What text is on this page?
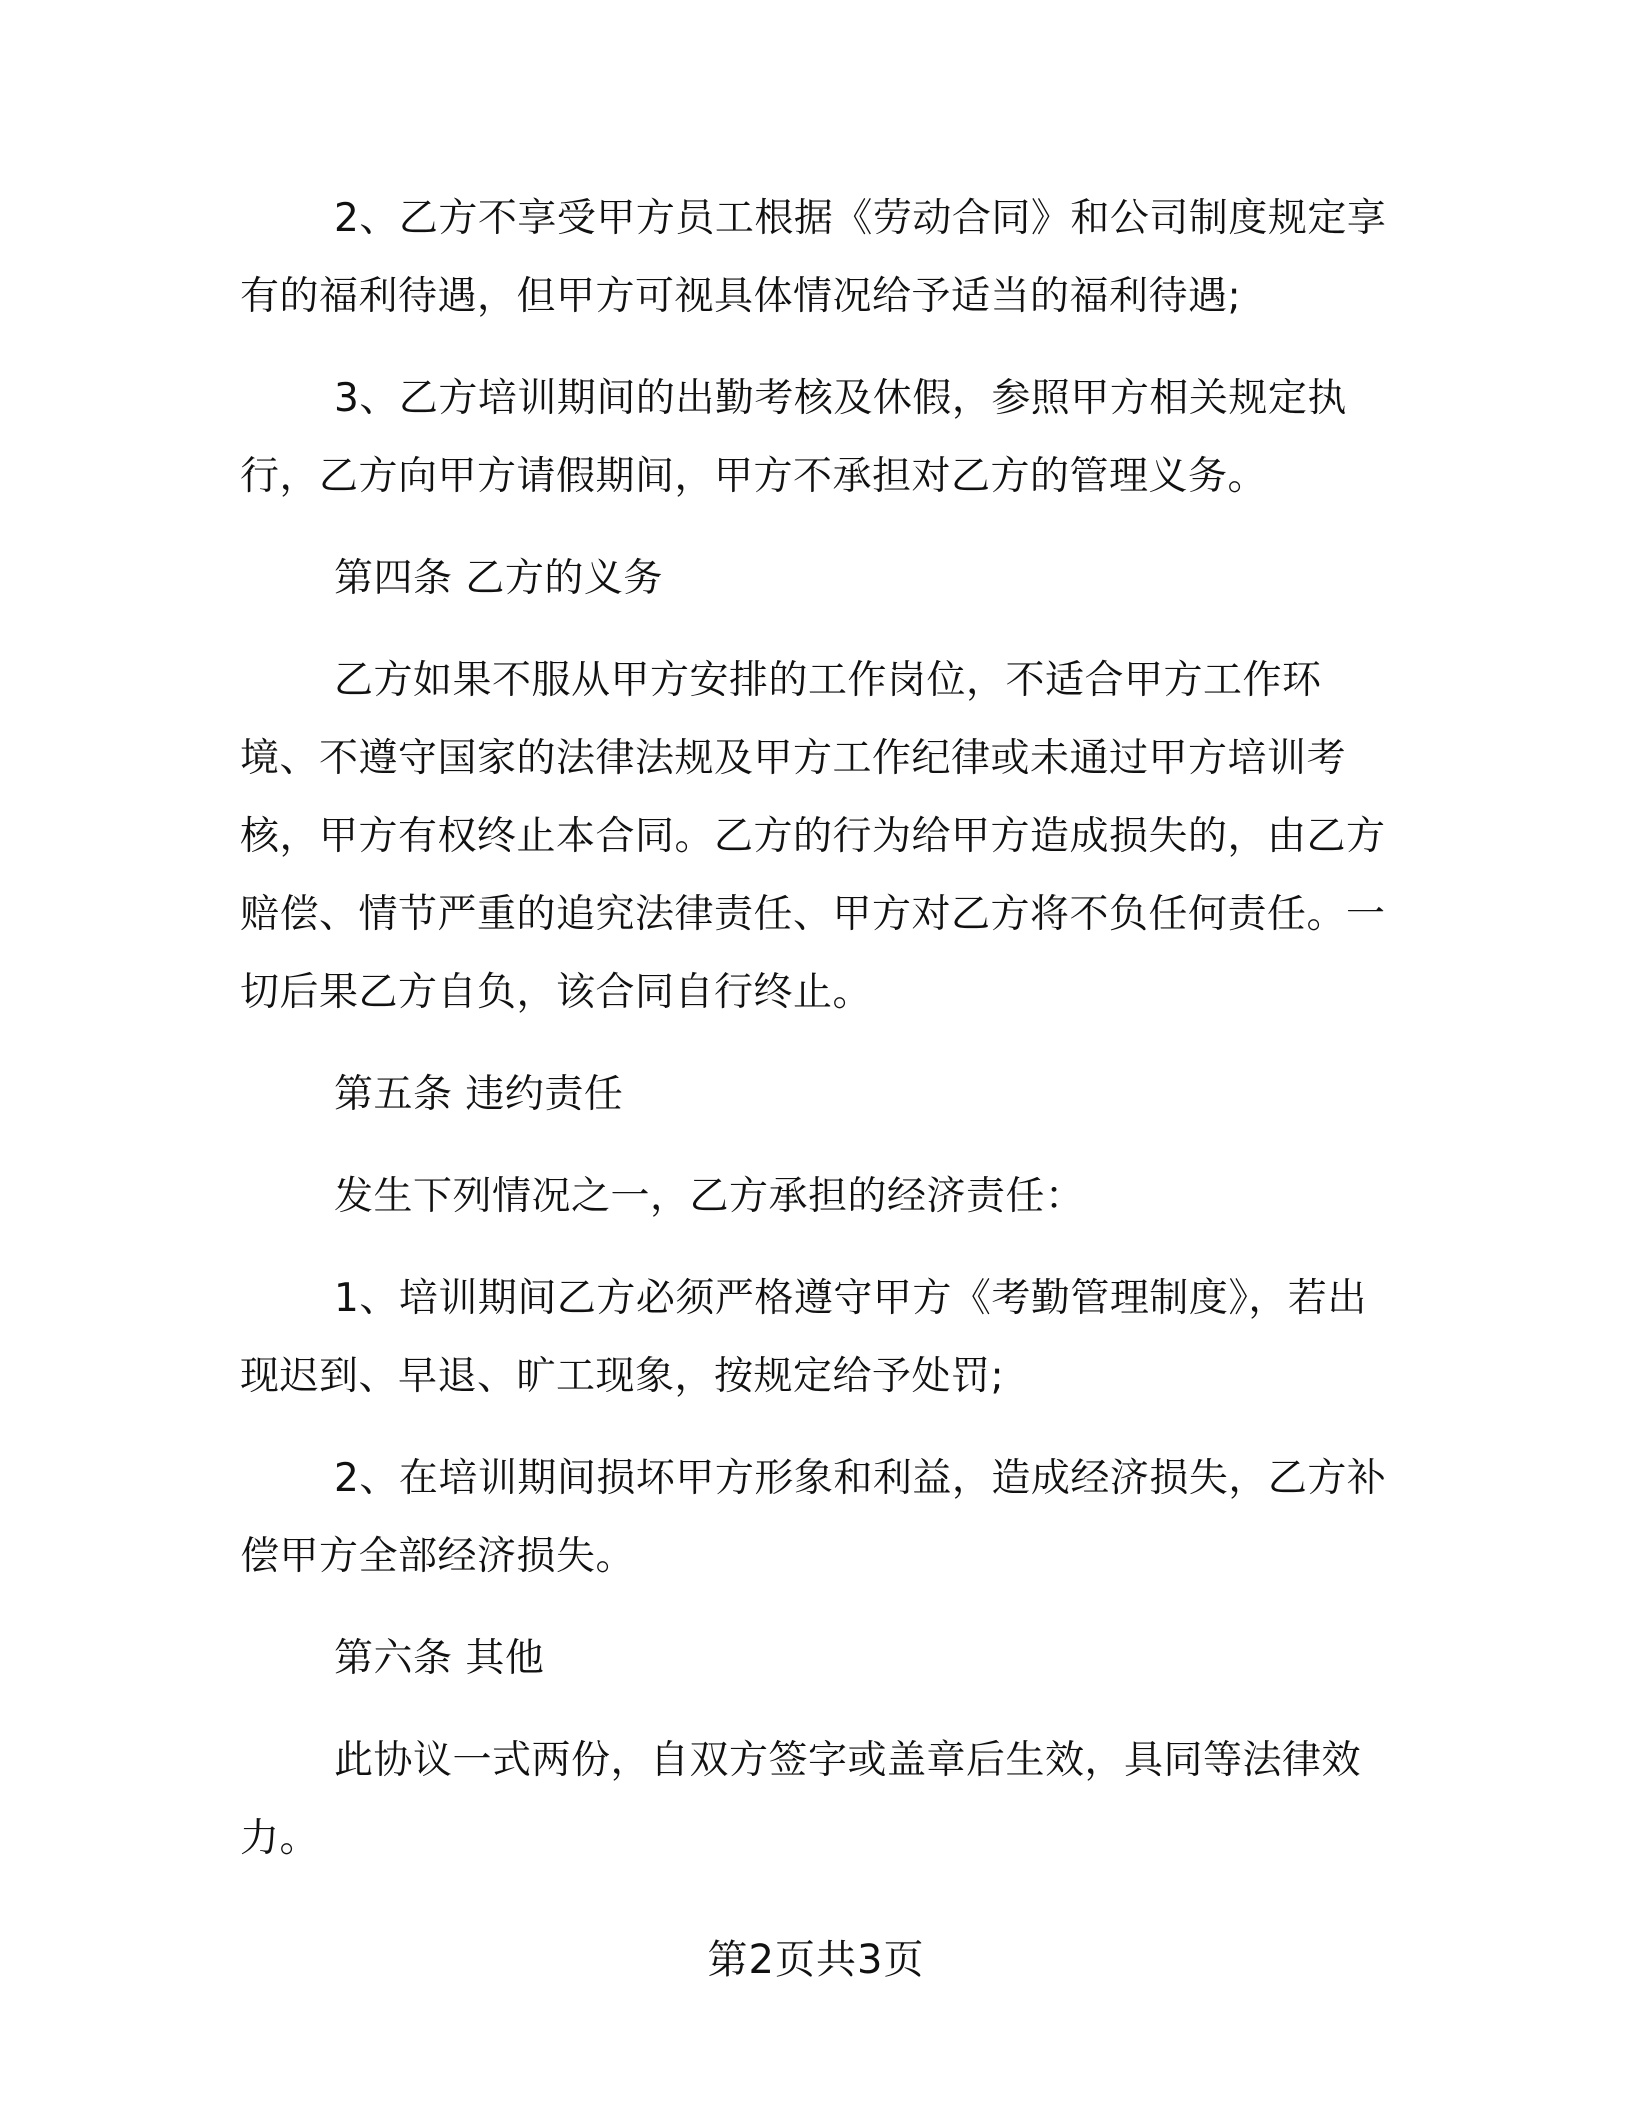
2、乙方不享受甲方员工根据《劳动合同》和公司制度规定享有的福利待遇，但甲方可视具体情况给予适当的福利待遇;

3、乙方培训期间的出勤考核及休假，参照甲方相关规定执行，乙方向甲方请假期间，甲方不承担对乙方的管理义务。

第四条 乙方的义务

乙方如果不服从甲方安排的工作岗位，不适合甲方工作环境、不遵守国家的法律法规及甲方工作纪律或未通过甲方培训考核，甲方有权终止本合同。乙方的行为给甲方造成损失的，由乙方赔偿、情节严重的追究法律责任、甲方对乙方将不负任何责任。一切后果乙方自负，该合同自行终止。

第五条 违约责任

发生下列情况之一，乙方承担的经济责任：

1、培训期间乙方必须严格遵守甲方《考勤管理制度》，若出现迟到、早退、旷工现象，按规定给予处罚;

2、在培训期间损坏甲方形象和利益，造成经济损失，乙方补偿甲方全部经济损失。

第六条 其他

此协议一式两份，自双方签字或盖章后生效，具同等法律效力。

第2页共3页
